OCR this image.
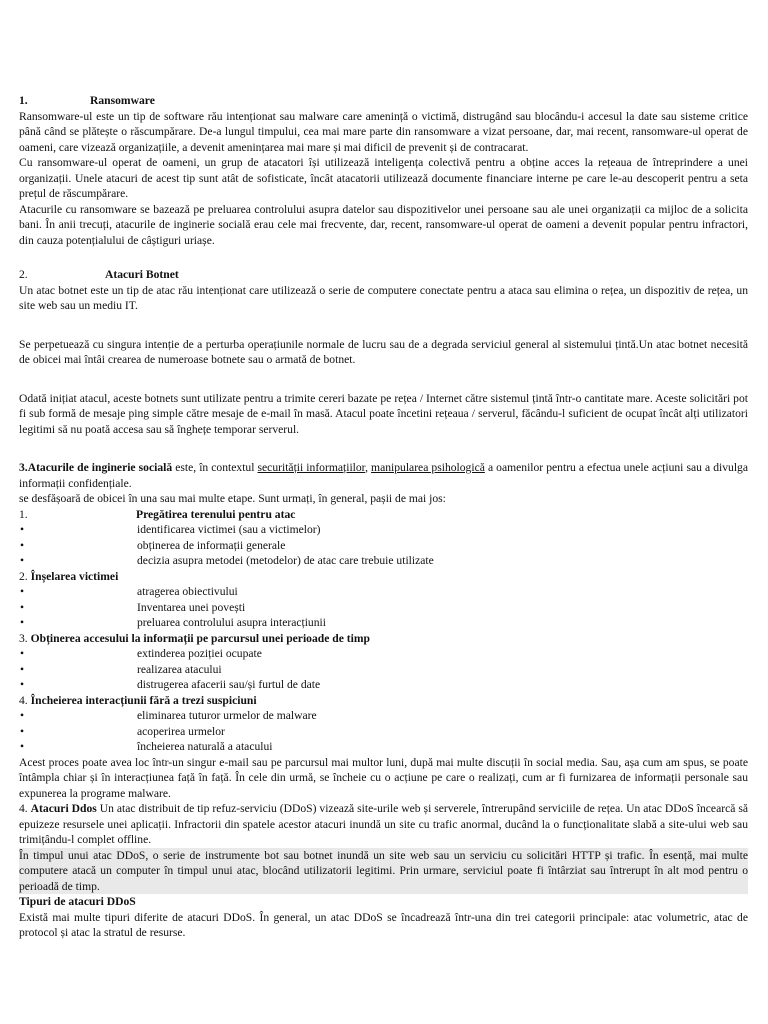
1.	Ransomware

Ransomware-ul este un tip de software rău intenționat sau malware care amenință o victimă, distrugând sau blocându-i accesul la date sau sisteme critice până când se plătește o răscumpărare. De-a lungul timpului, cea mai mare parte din ransomware a vizat persoane, dar, mai recent, ransomware-ul operat de oameni, care vizează organizațiile, a devenit amenințarea mai mare și mai dificil de prevenit și de contracarat.

Cu ransomware-ul operat de oameni, un grup de atacatori își utilizează inteligența colectivă pentru a obține acces la rețeaua de întreprindere a unei organizații. Unele atacuri de acest tip sunt atât de sofisticate, încât atacatorii utilizează documente financiare interne pe care le-au descoperit pentru a seta prețul de răscumpărare.

Atacurile cu ransomware se bazează pe preluarea controlului asupra datelor sau dispozitivelor unei persoane sau ale unei organizații ca mijloc de a solicita bani. În anii trecuți, atacurile de inginerie socială erau cele mai frecvente, dar, recent, ransomware-ul operat de oameni a devenit popular pentru infractori, din cauza potențialului de câștiguri uriașe.

2.	Atacuri Botnet

Un atac botnet este un tip de atac rău intenționat care utilizează o serie de computere conectate pentru a ataca sau elimina o rețea, un dispozitiv de rețea, un site web sau un mediu IT.

Se perpetuează cu singura intenție de a perturba operațiunile normale de lucru sau de a degrada serviciul general al sistemului țintă.Un atac botnet necesită de obicei mai întâi crearea de numeroase botnete sau o armată de botnet.

Odată inițiat atacul, aceste botnets sunt utilizate pentru a trimite cereri bazate pe rețea / Internet către sistemul țintă într-o cantitate mare. Aceste solicitări pot fi sub formă de mesaje ping simple către mesaje de e-mail în masă. Atacul poate încetini rețeaua / serverul, făcându-l suficient de ocupat încât alți utilizatori legitimi să nu poată accesa sau să înghețe temporar serverul.

3.Atacurile de inginerie socială este, în contextul securității informațiilor, manipularea psihologică a oamenilor pentru a efectua unele acțiuni sau a divulga informații confidențiale.

se desfășoară de obicei în una sau mai multe etape. Sunt urmați, în general, pașii de mai jos:

1.	Pregătirea terenului pentru atac
•	identificarea victimei (sau a victimelor)
•	obținerea de informații generale
•	decizia asupra metodei (metodelor) de atac care trebuie utilizate
2. Înșelarea victimei
•	atragerea obiectivului
•	Inventarea unei povești
•	preluarea controlului asupra interacțiunii
3. Obținerea accesului la informații pe parcursul unei perioade de timp
•	extinderea poziției ocupate
•	realizarea atacului
•	distrugerea afacerii sau/și furtul de date
4. Încheierea interacțiunii fără a trezi suspiciuni
•	eliminarea tuturor urmelor de malware
•	acoperirea urmelor
•	încheierea naturală a atacului

Acest proces poate avea loc într-un singur e-mail sau pe parcursul mai multor luni, după mai multe discuții în social media. Sau, așa cum am spus, se poate întâmpla chiar și în interacțiunea față în față. În cele din urmă, se încheie cu o acțiune pe care o realizați, cum ar fi furnizarea de informații personale sau expunerea la programe malware.

4. Atacuri Ddos Un atac distribuit de tip refuz-serviciu (DDoS) vizează site-urile web și serverele, întrerupând serviciile de rețea. Un atac DDoS încearcă să epuizeze resursele unei aplicații. Infractorii din spatele acestor atacuri inundă un site cu trafic anormal, ducând la o funcționalitate slabă a site-ului web sau trimițându-l complet offline.

În timpul unui atac DDoS, o serie de instrumente bot sau botnet inundă un site web sau un serviciu cu solicitări HTTP și trafic. În esență, mai multe computere atacă un computer în timpul unui atac, blocând utilizatorii legitimi. Prin urmare, serviciul poate fi întârziat sau întrerupt în alt mod pentru o perioadă de timp.

Tipuri de atacuri DDoS

Există mai multe tipuri diferite de atacuri DDoS. În general, un atac DDoS se încadrează într-una din trei categorii principale: atac volumetric, atac de protocol și atac la stratul de resurse.
